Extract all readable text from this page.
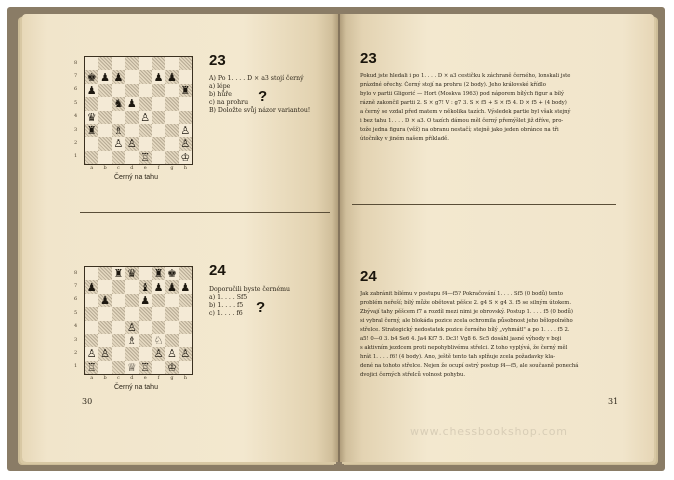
8
7
6
5
4
3
2
1
♚ ♟ ♟	♟ ♟
♟	♜
♞ ♟
♛	♙
♜ ♗	♙
♙ ♙	♙
♖	♔
a	b	c	d	e	f	g	h
Černý na tahu
23
A) Po 1. . . . D × a3 stojí černý
a) lépe
b) hůře
c) na prohru
B) Doložte svůj názor variantou!
?
8
7
6
5
4
3
2
1
♜ ♛ ♜ ♚
♟	♝ ♟ ♟ ♟
♟	♟
♙
♗ ♘
♙ ♙	♙ ♙ ♙
♖	♕ ♖ ♔
a	b	c	d	e	f	g	h
Černý na tahu
24
Doporučili byste černému
a) 1. . . . Sf5
b) 1. . . . f5
c) 1. . . . f6 ?
30
23
Pokud jste hledali i po 1. . . . D × a3 cestičku k záchraně černého, lonskali jste
prázdné ořechy. Černý stojí na prohru (2 body). Jeho královské křídlo
bylo v partii Gligorić — Hort (Moskva 1963) pod náporem bílých figur a bílý
rázně zakončil partii 2. S × g7! V : g7 3. S × f5 + S × f5 4. D × f5 + (4 body)
a černý se vzdal před matem v několika tazích. Výsledek partie byl však stejný
i bez tahu 1. . . . D × a3. O tazích dámou měl černý přemýšlet již dříve, pro-
tože jedna figura (věž) na obranu nestačí; stejně jako jeden obránce na tři
útočníky v jiném našem příkladě.
24
Jak zabránit bílému v postupu f4—f5? Pokračování 1. . . . Sf5 (0 bodů) tento
problém neřeší; bílý může obětovat pěšce 2. g4 S × g4 3. f5 se silným útokem.
Zbývají tahy pěšcem f7 a rozdíl mezi nimi je obrovský. Postup 1. . . . f5 (0 bodů)
si vybral černý, ale blokáda pozice zcela ochromila působnost jeho bělopolného
střelce. Strategický nedostatek pozice černého bílý „vyhmátl" a po 1. . . . f5 2.
a5! 0—0 3. b4 Se6 4. Ja4 Kf7 5. Dc3! Vg8 6. Sc5 dosáhl jasné výhody v boji
s aktivním jezdcem proti nepohyblivému střelci. Z toho vyplývá, že černý měl
hrát 1. . . . f6! (4 body). Ano, ještě tento tah splňuje zcela požadavky kla-
dené na tohoto střelce. Nejen že ocupí ostrý postup f4—f5, ale současně ponechá
dvojici černých střelců volnost pohybu.
31
www.chessbookshop.com
